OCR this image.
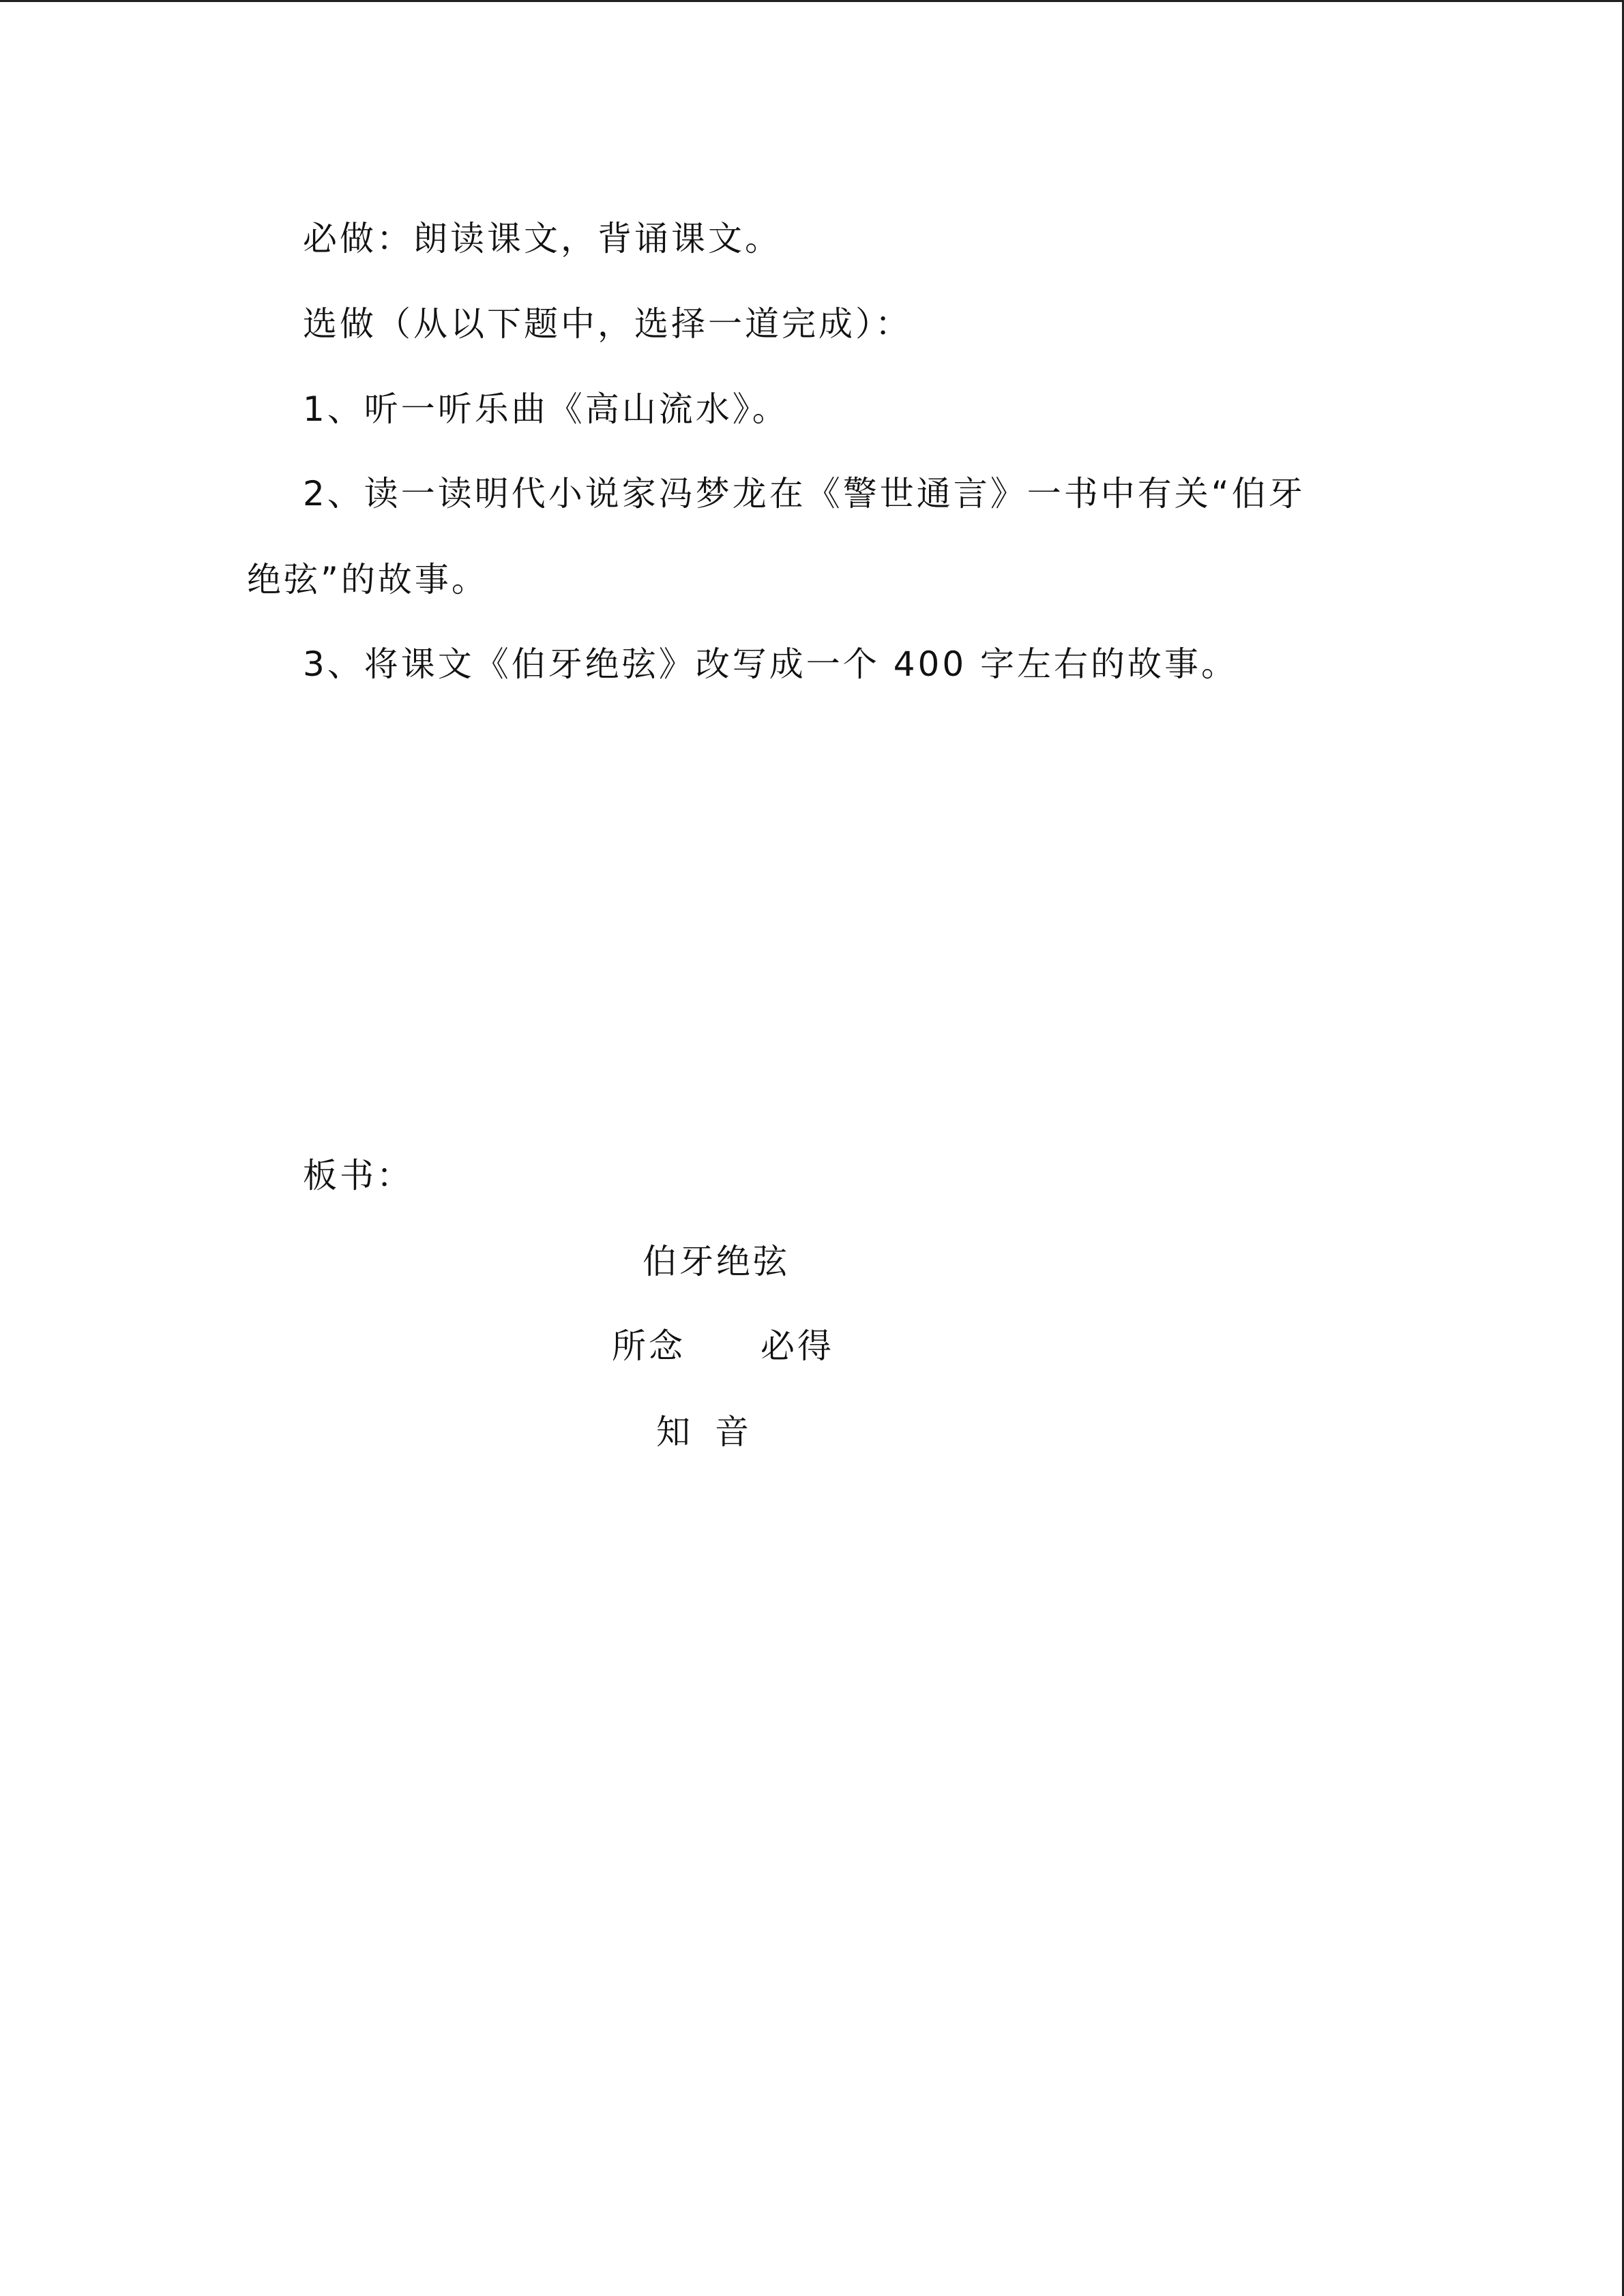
必做：朗读课文，背诵课文。
选做（从以下题中，选择一道完成）：
1、听一听乐曲《高山流水》。
2、读一读明代小说家冯梦龙在《警世通言》一书中有关“伯牙
绝弦”的故事。
3、将课文《伯牙绝弦》改写成一个 400 字左右的故事。
板书：
伯牙绝弦
所念 必得
知 音
